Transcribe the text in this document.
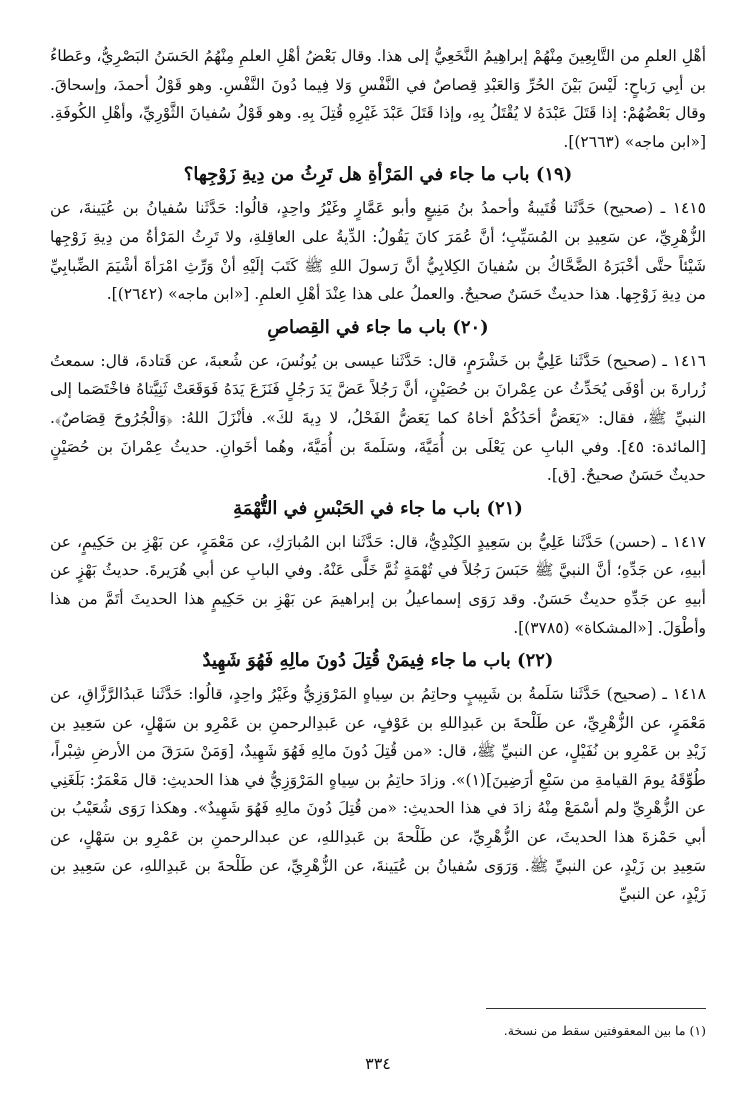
أهْلِ العلمِ من التَّابِعِينَ مِنْهُمْ إبراهِيمُ النَّخَعِيُّ إلى هذا. وقال بَعْضُ أهْلِ العلمِ مِنْهُمُ الحَسَنُ البَصْرِيُّ، وعَطاءُ بن أبِي رَباحٍ: لَيْسَ بَيْنَ الحُرِّ وَالعَبْدِ قِصاصٌ في النَّفْسِ وَلا فِيما دُونَ النَّفْسِ. وهو قَوْلُ أحمدَ، وإسحاقَ. وقال بَعْضُهُمْ: إذا قَتَلَ عَبْدَهُ لا يُقْتَلُ بِهِ، وإذا قَتَلَ عَبْدَ غَيْرِهِ قُتِلَ بِهِ. وهو قَوْلُ سُفيانَ الثَّوْرِيِّ، وأهْلِ الكُوفَةِ. [«ابن ماجه» (٢٦٦٣)].

(١٩) باب ما جاء في المَرْأةِ هل تَرِثُ من دِيةِ زَوْجِها؟

١٤١٥ ـ (صحيح) حَدَّثَنا قُتَيبةُ وأحمدُ بنُ مَنِيعٍ وأبو عَمَّارٍ وغَيْرُ واحِدٍ، قالُوا: حَدَّثَنا سُفيانُ بن عُيَينةَ، عن الزُّهْرِيِّ، عن سَعِيدِ بن المُسَيِّبِ؛ أنَّ عُمَرَ كانَ يَقُولُ: الدِّيةُ على العاقِلةِ، ولا تَرِثُ المَرْأةُ من دِيةِ زَوْجِها شَيْئاً حتَّى أخْبَرَهُ الضَّحَّاكُ بن سُفيانَ الكِلابِيُّ أنَّ رَسولَ اللهِ ﷺ كَتَبَ إلَيْهِ أنْ وَرِّثِ امْرَأةَ أشْيَمَ الضِّبابِيِّ من دِيةِ زَوْجِها. هذا حديثٌ حَسَنٌ صحيحٌ. والعملُ على هذا عِنْدَ أهْلِ العلمِ. [«ابن ماجه» (٢٦٤٢)].

(٢٠) باب ما جاء في القِصاصِ

١٤١٦ ـ (صحيح) حَدَّثَنا عَلِيُّ بن خَشْرَمٍ، قال: حَدَّثَنا عيسى بن يُونُسَ، عن شُعبةَ، عن قَتادةَ، قال: سمعتُ زُرارةَ بن أوْفَى يُحَدِّثُ عن عِمْرانَ بن حُصَيْنٍ، أنَّ رَجُلاً عَضَّ يَدَ رَجُلٍ فَنَزَعَ يَدَهُ فَوَقَعَتْ ثَنِيَّتاهُ فاخْتَصَما إلى النبيِّ ﷺ، فقال: «يَعَضُّ أحَدُكُمْ أخاهُ كما يَعَضُّ الفَحْلُ، لا دِيةَ لكَ». فأنْزَلَ اللهُ: ﴿وَالْجُرُوحَ قِصَاصٌ﴾. [المائدة: ٤٥]. وفي البابِ عن يَعْلَى بن أُمَيَّةَ، وسَلَمةَ بن أُمَيَّةَ، وهُما أخَوانِ. حديثُ عِمْرانَ بن حُصَيْنٍ حديثٌ حَسَنٌ صحيحٌ. [ق].

(٢١) باب ما جاء في الحَبْسِ في التُّهْمَةِ

١٤١٧ ـ (حسن) حَدَّثَنا عَلِيُّ بن سَعِيدٍ الكِنْدِيُّ، قال: حَدَّثَنا ابن المُبارَكِ، عن مَعْمَرٍ، عن بَهْزِ بن حَكِيمٍ، عن أبيهِ، عن جَدِّهِ؛ أنَّ النبيَّ ﷺ حَبَسَ رَجُلاً في تُهْمَةٍ ثُمَّ خَلَّى عَنْهُ. وفي البابِ عن أبي هُرَيرةَ. حديثُ بَهْزٍ عن أبيهِ عن جَدِّهِ حديثٌ حَسَنٌ. وقد رَوَى إسماعيلُ بن إبراهيمَ عن بَهْزِ بن حَكِيمٍ هذا الحديثَ أتَمَّ من هذا وأطْوَلَ. [«المشكاة» (٣٧٨٥)].

(٢٢) باب ما جاء فِيمَنْ قُتِلَ دُونَ مالِهِ فَهُوَ شَهِيدٌ

١٤١٨ ـ (صحيح) حَدَّثَنا سَلَمةُ بن شَبِيبٍ وحاتِمُ بن سِياهٍ المَرْوَزِيُّ وغَيْرُ واحِدٍ، قالُوا: حَدَّثَنا عَبدُالرَّزَّاقِ، عن مَعْمَرٍ، عن الزُّهْرِيِّ، عن طَلْحةَ بن عَبدِاللهِ بن عَوْفٍ، عن عَبدِالرحمنِ بن عَمْرِو بن سَهْلٍ، عن سَعِيدِ بن زَيْدِ بن عَمْرِو بن نُفَيْلٍ، عن النبيِّ ﷺ، قال: «من قُتِلَ دُونَ مالِهِ فَهُوَ شَهِيدٌ، [وَمَنْ سَرَقَ من الأرضِ شِبْراً، طُوِّقَهُ يومَ القيامةِ من سَبْعِ أرَضِينَ](١)». وزادَ حاتِمُ بن سِياهٍ المَرْوَزِيُّ في هذا الحديثِ: قال مَعْمَرٌ: بَلَغَنِي عن الزُّهْرِيِّ ولم أسْمَعْ مِنْهُ زادَ في هذا الحديثِ: «من قُتِلَ دُونَ مالِهِ فَهُوَ شَهِيدٌ». وهكذا رَوَى شُعَيْبُ بن أبي حَمْزةَ هذا الحديثَ، عن الزُّهْرِيِّ، عن طَلْحةَ بن عَبدِاللهِ، عن عبدالرحمنِ بن عَمْرِو بن سَهْلٍ، عن سَعِيدِ بن زَيْدٍ، عن النبيِّ ﷺ. وَرَوَى سُفيانُ بن عُيَينةَ، عن الزُّهْرِيِّ، عن طَلْحةَ بن عَبدِاللهِ، عن سَعِيدِ بن زَيْدٍ، عن النبيِّ

(١) ما بين المعقوفتين سقط من نسخة.
٣٣٤
